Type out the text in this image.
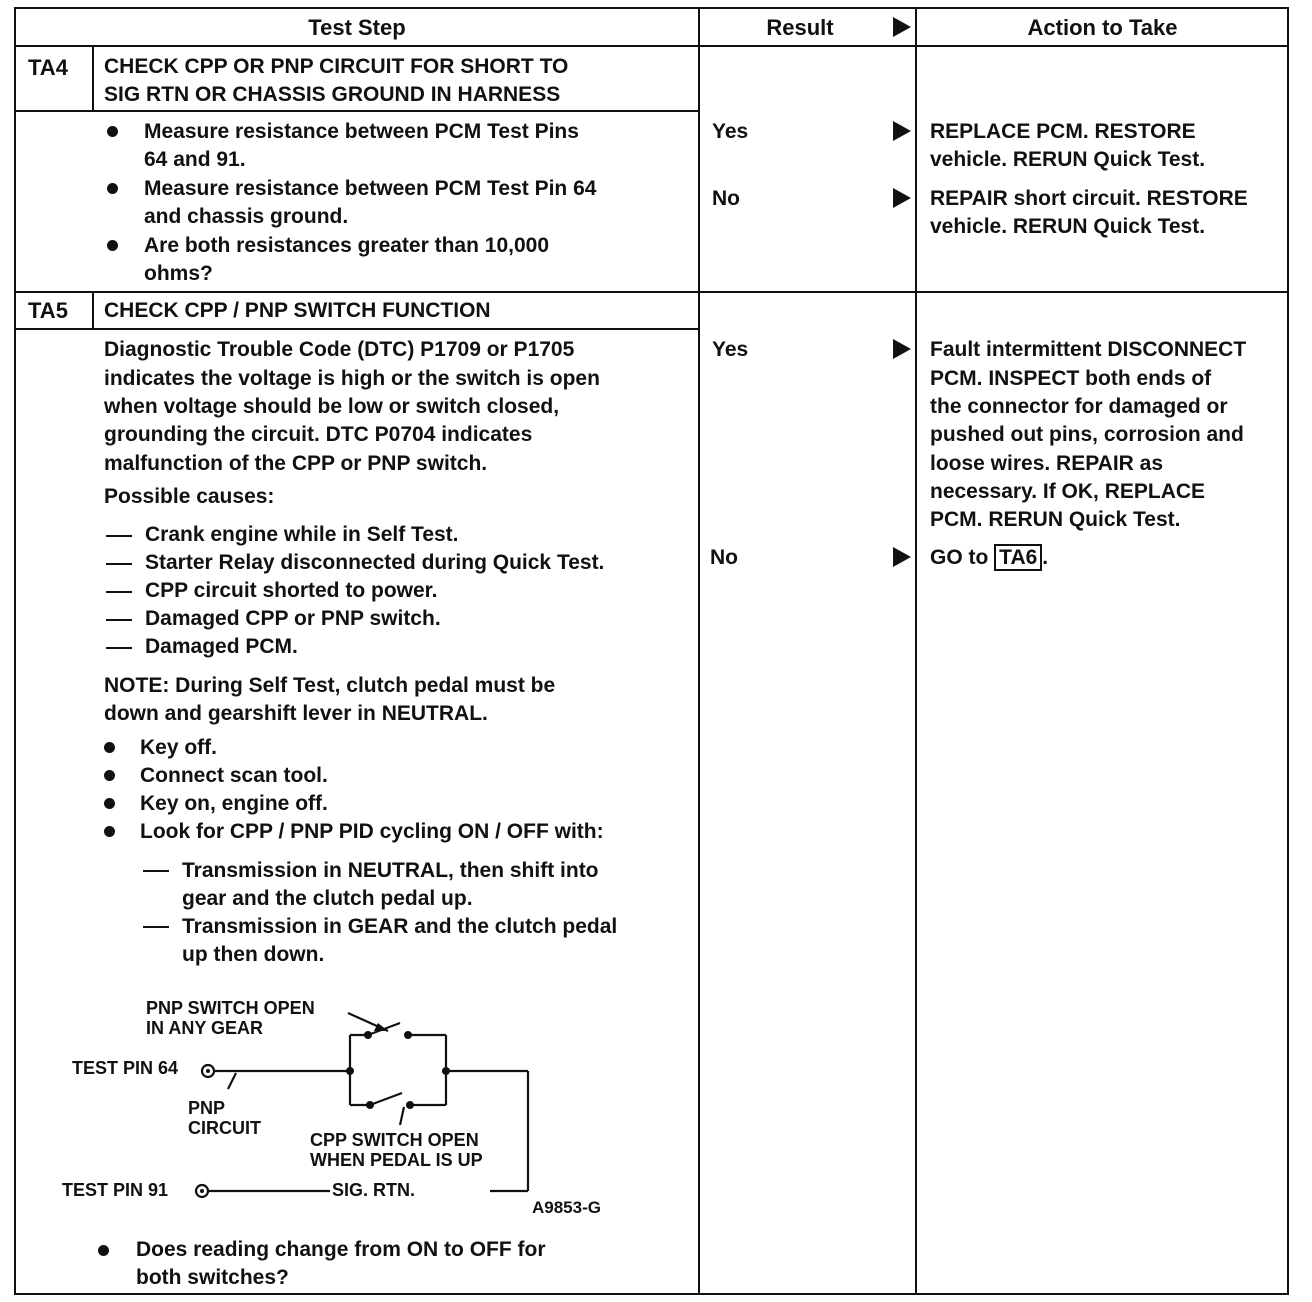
Test Step	Result	Action to Take
TA4 CHECK CPP OR PNP CIRCUIT FOR SHORT TO
SIG RTN OR CHASSIS GROUND IN HARNESS
Measure resistance between PCM Test Pins
64 and 91.
Measure resistance between PCM Test Pin 64
and chassis ground.
Are both resistances greater than 10,000
ohms?
Yes	REPLACE PCM. RESTORE
vehicle. RERUN Quick Test.
No	REPAIR short circuit. RESTORE
vehicle. RERUN Quick Test.
TA5 CHECK CPP / PNP SWITCH FUNCTION
Diagnostic Trouble Code (DTC) P1709 or P1705
indicates the voltage is high or the switch is open
when voltage should be low or switch closed,
grounding the circuit. DTC P0704 indicates
malfunction of the CPP or PNP switch.
Possible causes:
Crank engine while in Self Test.
Starter Relay disconnected during Quick Test.
CPP circuit shorted to power.
Damaged CPP or PNP switch.
Damaged PCM.
NOTE: During Self Test, clutch pedal must be
down and gearshift lever in NEUTRAL.
Key off.
Connect scan tool.
Key on, engine off.
Look for CPP / PNP PID cycling ON / OFF with:
Transmission in NEUTRAL, then shift into
gear and the clutch pedal up.
Transmission in GEAR and the clutch pedal
up then down.
PNP SWITCH OPEN
IN ANY GEAR
TEST PIN 64
PNP
CIRCUIT
CPP SWITCH OPEN
WHEN PEDAL IS UP
TEST PIN 91	SIG. RTN.
A9853-G
Does reading change from ON to OFF for
both switches?
Yes	Fault intermittent DISCONNECT
PCM. INSPECT both ends of
the connector for damaged or
pushed out pins, corrosion and
loose wires. REPAIR as
necessary. If OK, REPLACE
PCM. RERUN Quick Test.
No	GO to TA6 .
